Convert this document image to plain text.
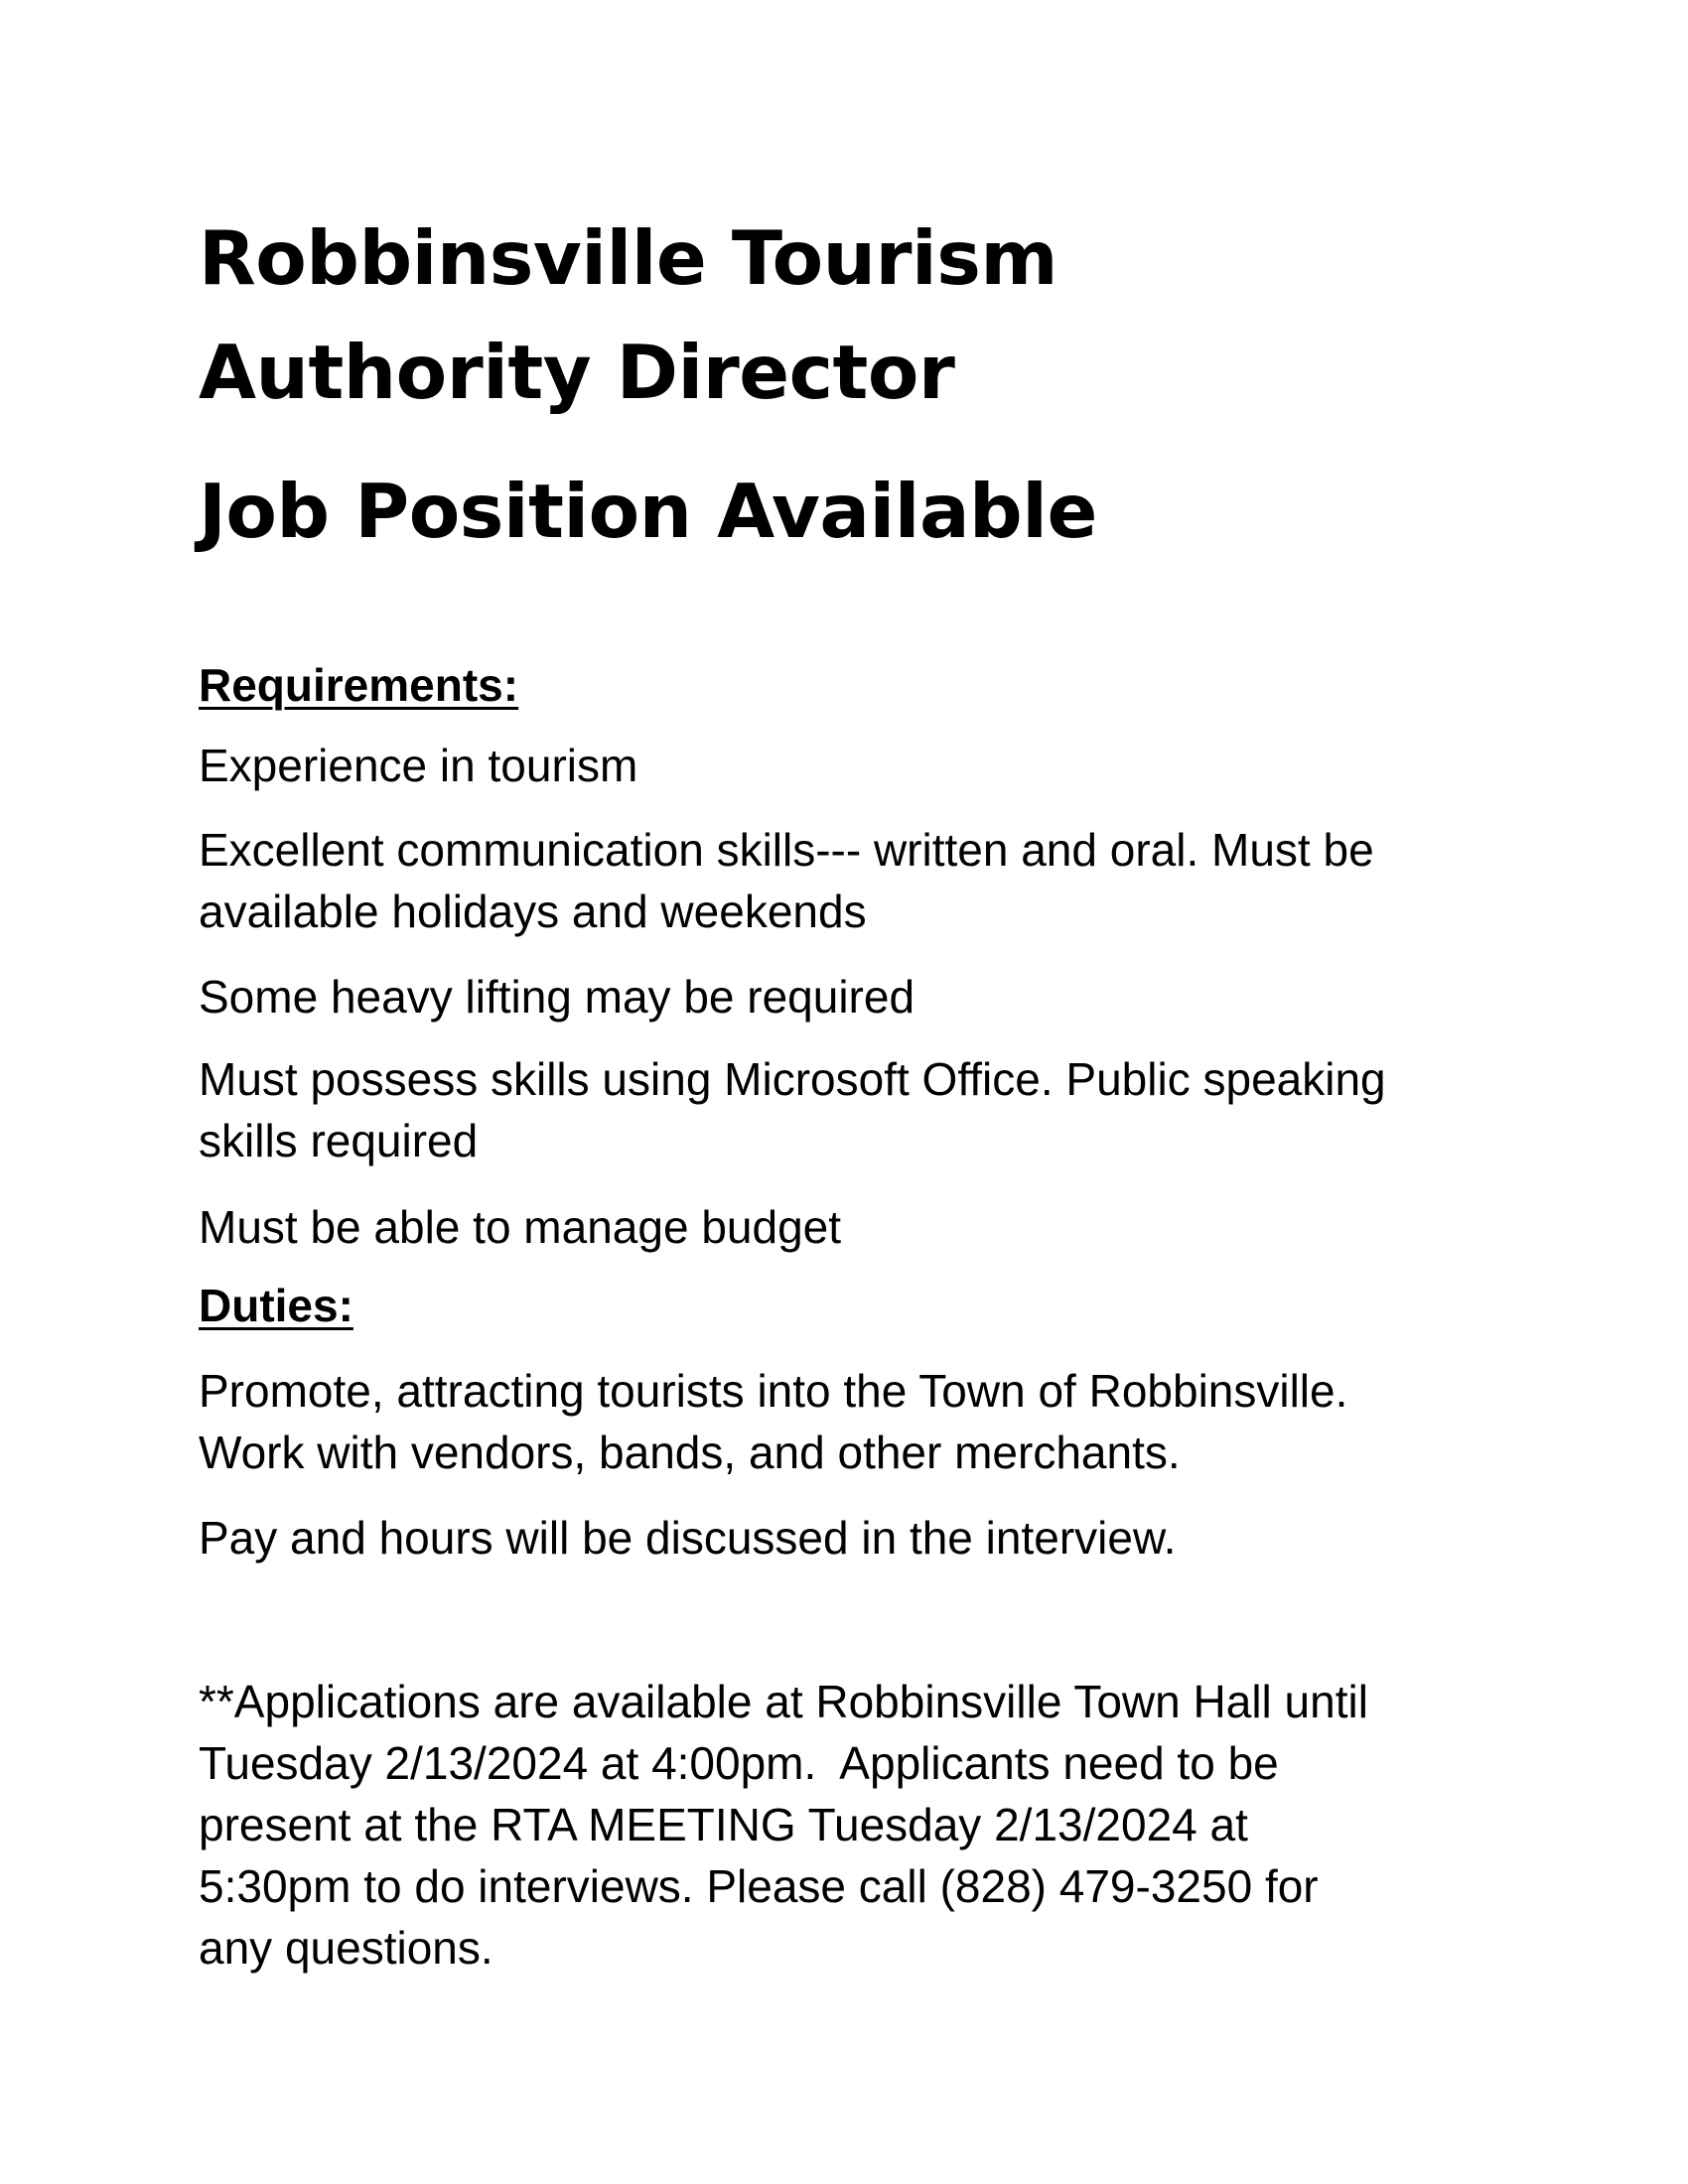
Robbinsville Tourism
Authority Director
Job Position Available
Requirements:

Experience in tourism

Excellent communication skills--- written and oral. Must be
available holidays and weekends

Some heavy lifting may be required

Must possess skills using Microsoft Office. Public speaking
skills required

Must be able to manage budget

Duties:

Promote, attracting tourists into the Town of Robbinsville.
Work with vendors, bands, and other merchants.

Pay and hours will be discussed in the interview.

**Applications are available at Robbinsville Town Hall until
Tuesday 2/13/2024 at 4:00pm.  Applicants need to be
present at the RTA MEETING Tuesday 2/13/2024 at
5:30pm to do interviews. Please call (828) 479-3250 for
any questions.
